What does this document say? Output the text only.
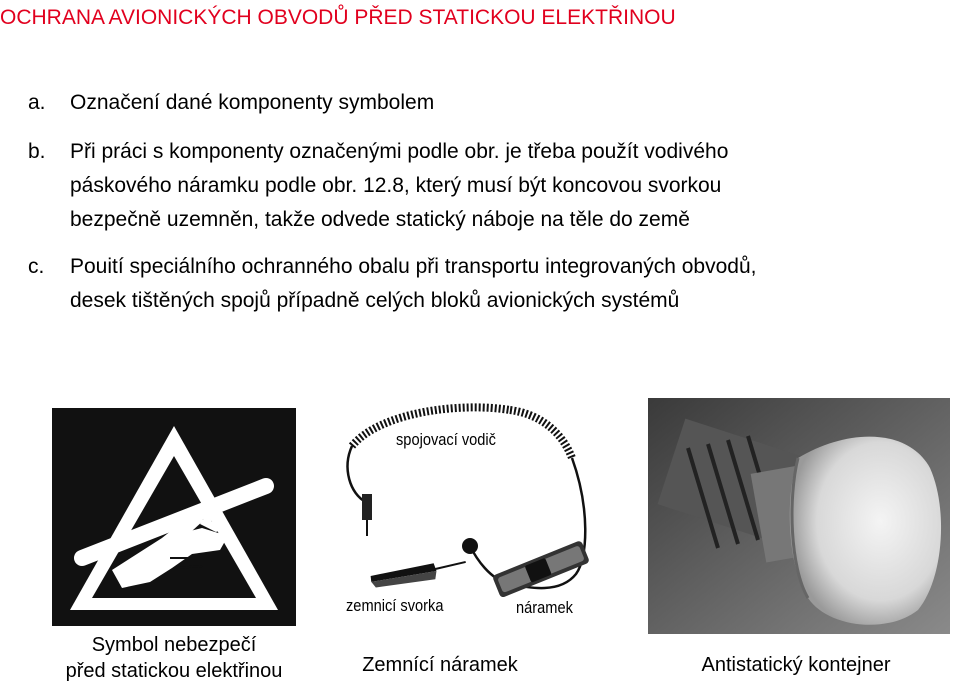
OCHRANA AVIONICKÝCH OBVODŮ PŘED STATICKOU ELEKTŘINOU
a. Označení dané komponenty symbolem
b. Při práci s komponenty označenými podle obr. je třeba použít vodivého
páskového náramku podle obr. 12.8, který musí být koncovou svorkou
bezpečně uzemněn, takže odvede statický náboje na těle do země
c. Pouití speciálního ochranného obalu při transportu integrovaných obvodů,
desek tištěných spojů případně celých bloků avionických systémů
Symbol nebezpečí
před statickou elektřinou
spojovací vodič
zemnicí svorka	náramek
Zemnící náramek	Antistatický kontejner
